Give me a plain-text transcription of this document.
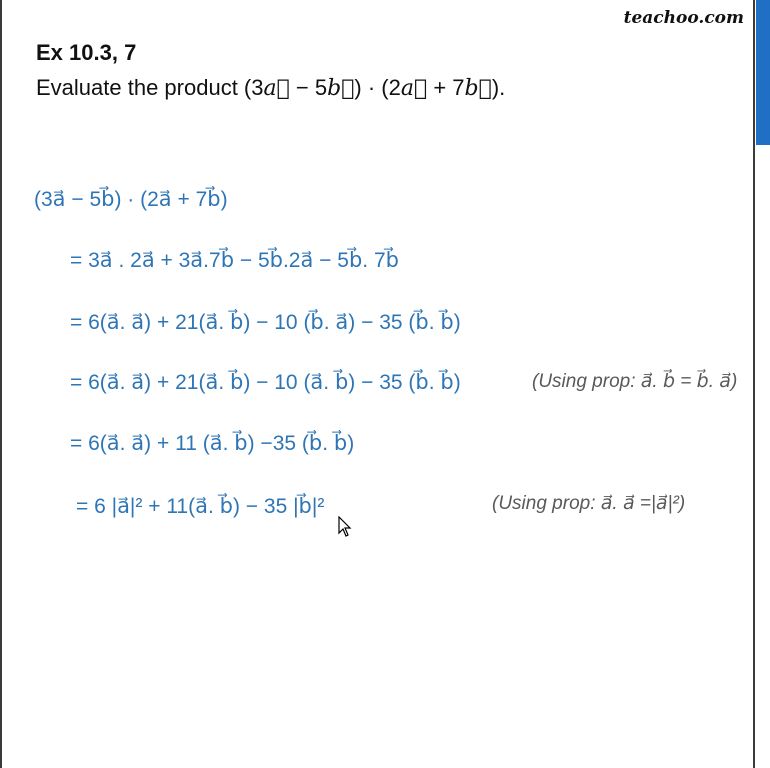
teachoo.com
Ex 10.3, 7
Evaluate the product (3a⃗ − 5b⃗) · (2a⃗ + 7b⃗).
(3a⃗ − 5b⃗) · (2a⃗ + 7b⃗)
= 3a⃗ . 2a⃗ + 3a⃗.7b⃗ − 5b⃗.2a⃗ − 5b⃗. 7b⃗
= 6(a⃗. a⃗) + 21(a⃗. b⃗) − 10 (b⃗. a⃗) − 35 (b⃗. b⃗)
= 6(a⃗. a⃗) + 21(a⃗. b⃗) − 10 (a⃗. b⃗) − 35 (b⃗. b⃗)	(Using prop: a⃗. b⃗ = b⃗. a⃗)
= 6(a⃗. a⃗) + 11 (a⃗. b⃗) −35 (b⃗. b⃗)
= 6 |a⃗|² + 11(a⃗. b⃗) − 35 |b⃗|²	(Using prop: a⃗. a⃗ =|a⃗|²)
